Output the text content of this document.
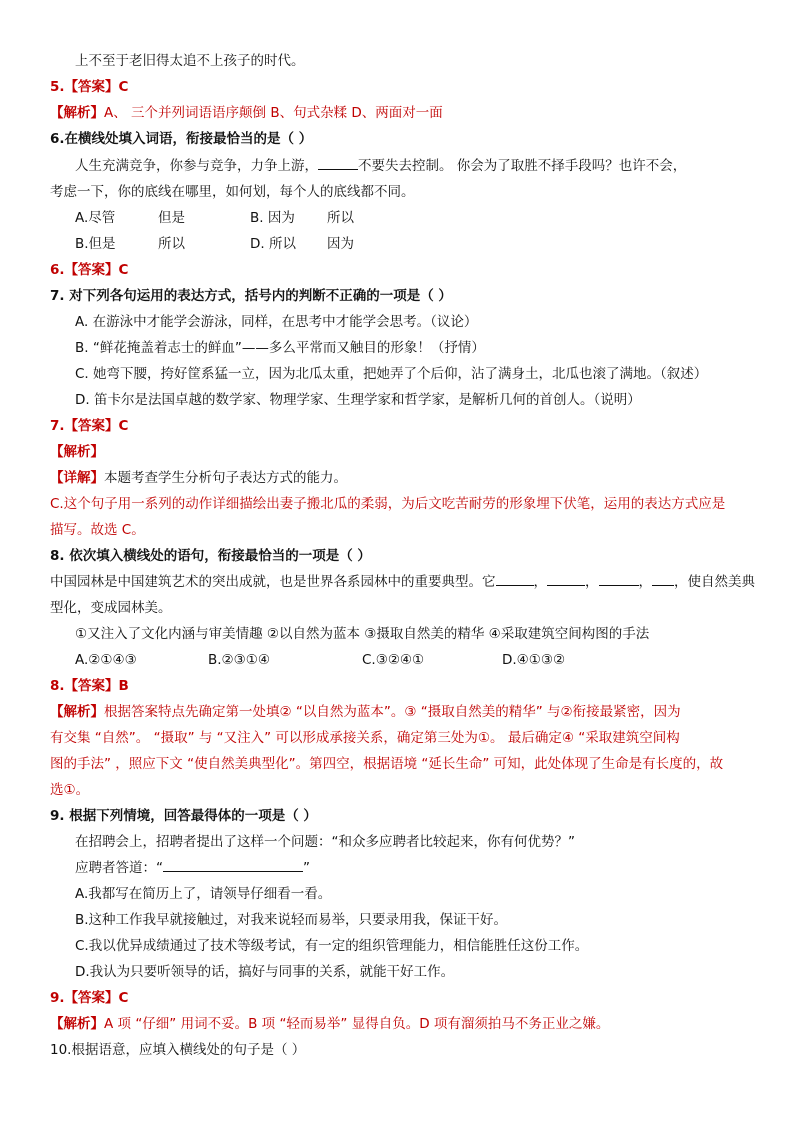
上不至于老旧得太追不上孩子的时代。
5.【答案】C
【解析】A、 三个并列词语语序颠倒 B、句式杂糅 D、两面对一面
6.在横线处填入词语，衔接最恰当的是（ ）
人生充满竞争，你参与竞争，力争上游，	不要失去控制。 你会为了取胜不择手段吗？也许不会，
考虑一下，你的底线在哪里，如何划，每个人的底线都不同。
A.尽管	但是	B. 因为 所以
B.但是	所以	D. 所以 因为
6.【答案】C
7. 对下列各句运用的表达方式，括号内的判断不正确的一项是（ ）
A. 在游泳中才能学会游泳，同样，在思考中才能学会思考。（议论）
B. “鲜花掩盖着志士的鲜血”——多么平常而又触目的形象！（抒情）
C. 她弯下腰，挎好筐系猛一立，因为北瓜太重，把她弄了个后仰，沾了满身土，北瓜也滚了满地。（叙述）
D. 笛卡尔是法国卓越的数学家、物理学家、生理学家和哲学家，是解析几何的首创人。（说明）
7.【答案】C
【解析】
【详解】本题考查学生分析句子表达方式的能力。
C.这个句子用一系列的动作详细描绘出妻子搬北瓜的柔弱，为后文吃苦耐劳的形象埋下伏笔，运用的表达方式应是
描写。故选 C。
8. 依次填入横线处的语句，衔接最恰当的一项是（ ）
中国园林是中国建筑艺术的突出成就，也是世界各系园林中的重要典型。它	，	，	， ，使自然美典
型化，变成园林美。
①又注入了文化内涵与审美情趣 ②以自然为蓝本 ③摄取自然美的精华 ④采取建筑空间构图的手法
A.②①④③	B.②③①④	C.③②④①	D.④①③②
8.【答案】B
【解析】根据答案特点先确定第一处填② “以自然为蓝本”。③ “摄取自然美的精华” 与②衔接最紧密，因为
有交集 “自然”。 “摄取” 与 “又注入” 可以形成承接关系，确定第三处为①。 最后确定④ “采取建筑空间构
图的手法” ，照应下文 “使自然美典型化”。第四空，根据语境 “延长生命” 可知，此处体现了生命是有长度的，故
选①。
9. 根据下列情境，回答最得体的一项是（ ）
在招聘会上，招聘者提出了这样一个问题：“和众多应聘者比较起来，你有何优势？”
应聘者答道：“	”
A.我都写在简历上了，请领导仔细看一看。
B.这种工作我早就接触过，对我来说轻而易举，只要录用我，保证干好。
C.我以优异成绩通过了技术等级考试，有一定的组织管理能力，相信能胜任这份工作。
D.我认为只要听领导的话，搞好与同事的关系，就能干好工作。
9.【答案】C
【解析】A 项 “仔细” 用词不妥。B 项 “轻而易举” 显得自负。D 项有溜须拍马不务正业之嫌。
10.根据语意，应填入横线处的句子是（ ）
